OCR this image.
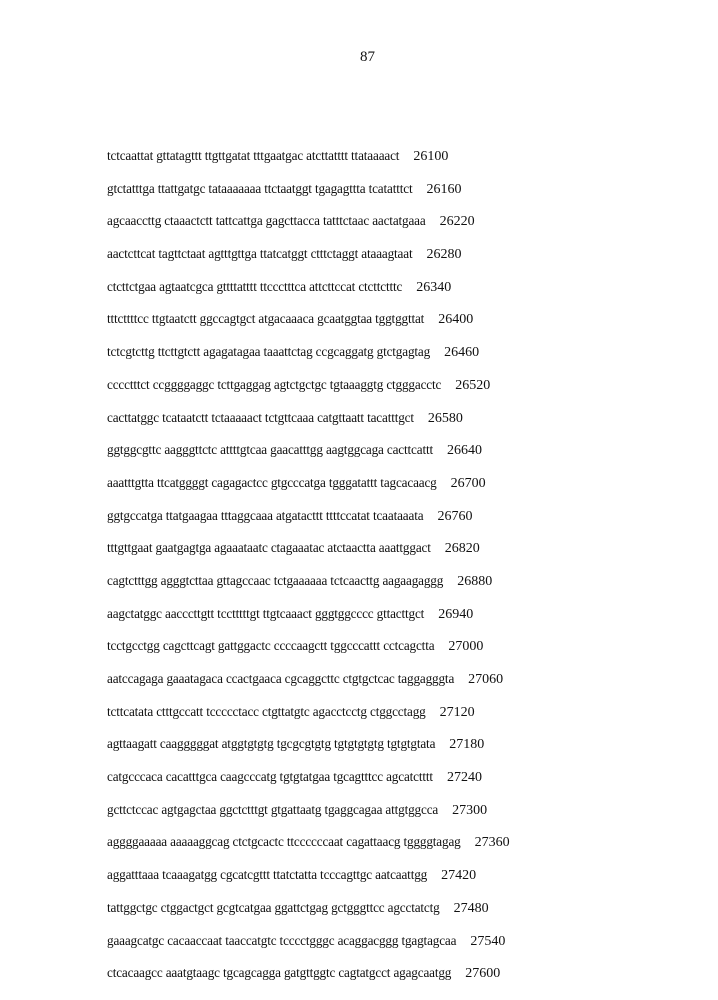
87
tctcaattat gttatagttt ttgttgatat tttgaatgac atcttatttt ttataaaact 26100
gtctatttga ttattgatgc tataaaaaaa ttctaatggt tgagagttta tcatatttct 26160
agcaaccttg ctaaactctt tattcattga gagcttacca tatttctaac aactatgaaa 26220
aactcttcat tagttctaat agtttgttga ttatcatggt ctttctaggt ataaagtaat 26280
ctcttctgaa agtaatcgca gttttatttt ttccctttca attcttccat ctcttctttc 26340
tttcttttcc ttgtaatctt ggccagtgct atgacaaaca gcaatggtaa tggtggttat 26400
tctcgtcttg ttcttgtctt agagatagaa taaattctag ccgcaggatg gtctgagtag 26460
cccctttct ccggggaggc tcttgaggag agtctgctgc tgtaaaggtg ctgggacctc 26520
cacttatggc tcataatctt tctaaaaact tctgttcaaa catgttaatt tacatttgct 26580
ggtggcgttc aagggttctc attttgtcaa gaacatttgg aagtggcaga cacttcattt 26640
aaatttgtta ttcatggggt cagagactcc gtgcccatga tgggatattt tagcacaacg 26700
ggtgccatga ttatgaagaa tttaggcaaa atgatacttt ttttccatat tcaataaata 26760
tttgttgaat gaatgagtga agaaataatc ctagaaatac atctaactta aaattggact 26820
cagtctttgg agggtcttaa gttagccaac tctgaaaaaa tctcaacttg aagaagaggg 26880
aagctatggc aacccttgtt tcctttttgt ttgtcaaact gggtggcccc gttacttgct 26940
tcctgcctgg cagcttcagt gattggactc ccccaagctt tggcccattt cctcagctta 27000
aatccagaga gaaatagaca ccactgaaca cgcaggcttc ctgtgctcac taggagggta 27060
tcttcatata ctttgccatt tccccctacc ctgttatgtc agacctcctg ctggcctagg 27120
agttaagatt caagggggat atggtgtgtg tgcgcgtgtg tgtgtgtgtg tgtgtgtata 27180
catgcccaca cacatttgca caagcccatg tgtgtatgaa tgcagtttcc agcatctttt 27240
gcttctccac agtgagctaa ggctctttgt gtgattaatg tgaggcagaa attgtggcca 27300
aggggaaaaa aaaaaggcag ctctgcactc ttccccccaat cagattaacg tggggtagag 27360
aggatttaaa tcaaagatgg cgcatcgttt ttatctatta tcccagttgc aatcaattgg 27420
tattggctgc ctggactgct gcgtcatgaa ggattctgag gctgggttcc agcctatctg 27480
gaaagcatgc cacaaccaat taaccatgtc tcccctgggc acaggacggg tgagtagcaa 27540
ctcacaagcc aaatgtaagc tgcagcagga gatgttggtc cagtatgcct agagcaatgg 27600
